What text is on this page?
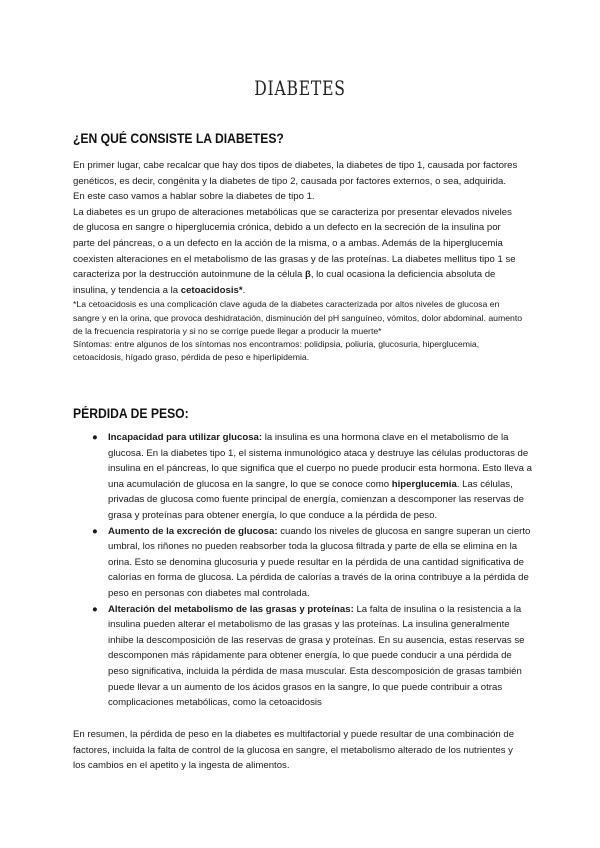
DIABETES
¿EN QUÉ CONSISTE LA DIABETES?

En primer lugar, cabe recalcar que hay dos tipos de diabetes, la diabetes de tipo 1, causada por factores genéticos, es decir, congénita y la diabetes de tipo 2, causada por factores externos, o sea, adquirida.

En este caso vamos a hablar sobre la diabetes de tipo 1.

La diabetes es un grupo de alteraciones metabólicas que se caracteriza por presentar elevados niveles de glucosa en sangre o hiperglucemia crónica, debido a un defecto en la secreción de la insulina por parte del páncreas, o a un defecto en la acción de la misma, o a ambas. Además de la hiperglucemia coexisten alteraciones en el metabolismo de las grasas y de las proteínas. La diabetes mellitus tipo 1 se caracteriza por la destrucción autoinmune de la célula β, lo cual ocasiona la deficiencia absoluta de insulina, y tendencia a la cetoacidosis*.

*La cetoacidosis es una complicación clave aguda de la diabetes caracterizada por altos niveles de glucosa en sangre y en la orina, que provoca deshidratación, disminución del pH sanguíneo, vómitos, dolor abdominal. aumento de la frecuencia respiratoria y si no se corrige puede llegar a producir la muerte*

Síntomas: entre algunos de los síntomas nos encontramos: polidipsia, poliuria, glucosuria, hiperglucemia, cetoacidosis, hígado graso, pérdida de peso e hiperlipidemia.

PÉRDIDA DE PESO:
● Incapacidad para utilizar glucosa: la insulina es una hormona clave en el metabolismo de la glucosa. En la diabetes tipo 1, el sistema inmunológico ataca y destruye las células productoras de insulina en el páncreas, lo que significa que el cuerpo no puede producir esta hormona. Esto lleva a una acumulación de glucosa en la sangre, lo que se conoce como hiperglucemia. Las células, privadas de glucosa como fuente principal de energía, comienzan a descomponer las reservas de grasa y proteínas para obtener energía, lo que conduce a la pérdida de peso.
● Aumento de la excreción de glucosa: cuando los niveles de glucosa en sangre superan un cierto umbral, los riñones no pueden reabsorber toda la glucosa filtrada y parte de ella se elimina en la orina. Esto se denomina glucosuria y puede resultar en la pérdida de una cantidad significativa de calorías en forma de glucosa. La pérdida de calorías a través de la orina contribuye a la pérdida de peso en personas con diabetes mal controlada.
● Alteración del metabolismo de las grasas y proteínas: La falta de insulina o la resistencia a la insulina pueden alterar el metabolismo de las grasas y las proteínas. La insulina generalmente inhibe la descomposición de las reservas de grasa y proteínas. En su ausencia, estas reservas se descomponen más rápidamente para obtener energía, lo que puede conducir a una pérdida de peso significativa, incluida la pérdida de masa muscular. Esta descomposición de grasas también puede llevar a un aumento de los ácidos grasos en la sangre, lo que puede contribuir a otras complicaciones metabólicas, como la cetoacidosis
En resumen, la pérdida de peso en la diabetes es multifactorial y puede resultar de una combinación de factores, incluida la falta de control de la glucosa en sangre, el metabolismo alterado de los nutrientes y los cambios en el apetito y la ingesta de alimentos.
